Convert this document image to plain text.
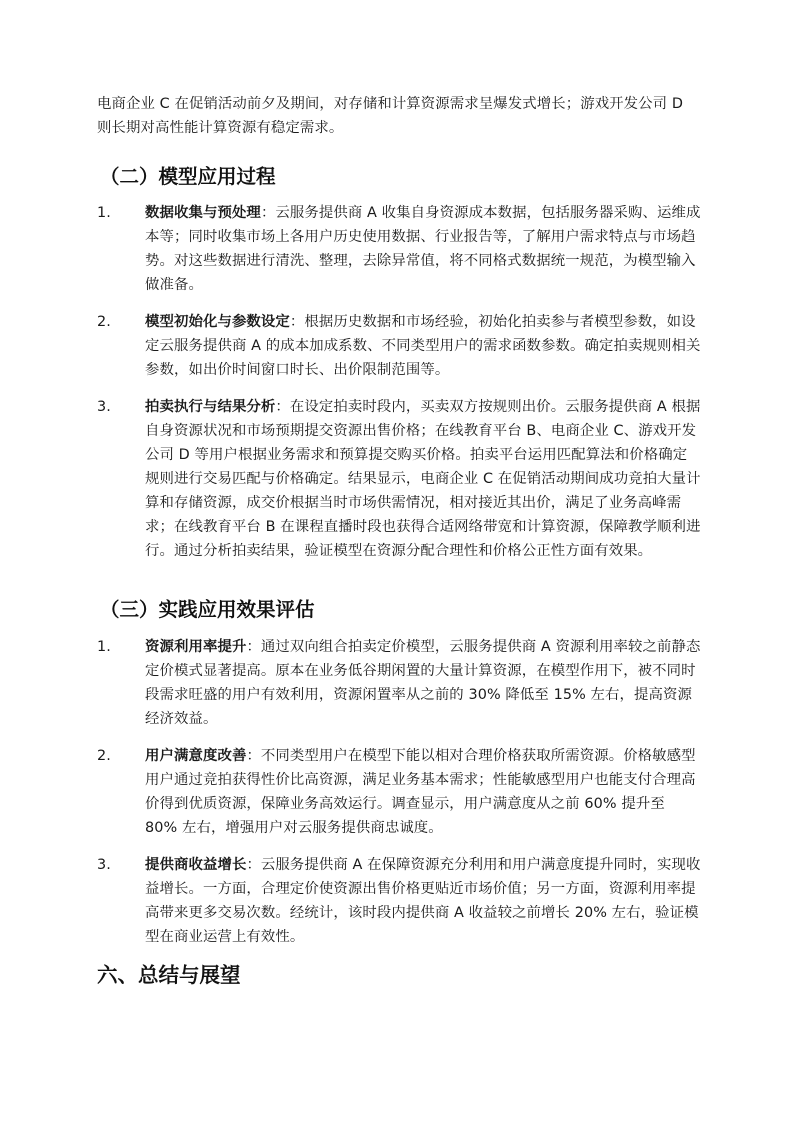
电商企业 C 在促销活动前夕及期间，对存储和计算资源需求呈爆发式增长；游戏开发公司 D 则长期对高性能计算资源有稳定需求。

（二）模型应用过程
1. 数据收集与预处理：云服务提供商 A 收集自身资源成本数据，包括服务器采购、运维成本等；同时收集市场上各用户历史使用数据、行业报告等，了解用户需求特点与市场趋势。对这些数据进行清洗、整理，去除异常值，将不同格式数据统一规范，为模型输入做准备。
2. 模型初始化与参数设定：根据历史数据和市场经验，初始化拍卖参与者模型参数，如设定云服务提供商 A 的成本加成系数、不同类型用户的需求函数参数。确定拍卖规则相关参数，如出价时间窗口时长、出价限制范围等。
3. 拍卖执行与结果分析：在设定拍卖时段内，买卖双方按规则出价。云服务提供商 A 根据自身资源状况和市场预期提交资源出售价格；在线教育平台 B、电商企业 C、游戏开发公司 D 等用户根据业务需求和预算提交购买价格。拍卖平台运用匹配算法和价格确定规则进行交易匹配与价格确定。结果显示，电商企业 C 在促销活动期间成功竞拍大量计算和存储资源，成交价根据当时市场供需情况，相对接近其出价，满足了业务高峰需求；在线教育平台 B 在课程直播时段也获得合适网络带宽和计算资源，保障教学顺利进行。通过分析拍卖结果，验证模型在资源分配合理性和价格公正性方面有效果。
（三）实践应用效果评估
1. 资源利用率提升：通过双向组合拍卖定价模型，云服务提供商 A 资源利用率较之前静态定价模式显著提高。原本在业务低谷期闲置的大量计算资源，在模型作用下，被不同时段需求旺盛的用户有效利用，资源闲置率从之前的 30% 降低至 15% 左右，提高资源经济效益。
2. 用户满意度改善：不同类型用户在模型下能以相对合理价格获取所需资源。价格敏感型用户通过竞拍获得性价比高资源，满足业务基本需求；性能敏感型用户也能支付合理高价得到优质资源，保障业务高效运行。调查显示，用户满意度从之前 60% 提升至 80% 左右，增强用户对云服务提供商忠诚度。
3. 提供商收益增长：云服务提供商 A 在保障资源充分利用和用户满意度提升同时，实现收益增长。一方面，合理定价使资源出售价格更贴近市场价值；另一方面，资源利用率提高带来更多交易次数。经统计，该时段内提供商 A 收益较之前增长 20% 左右，验证模型在商业运营上有效性。
六、总结与展望
